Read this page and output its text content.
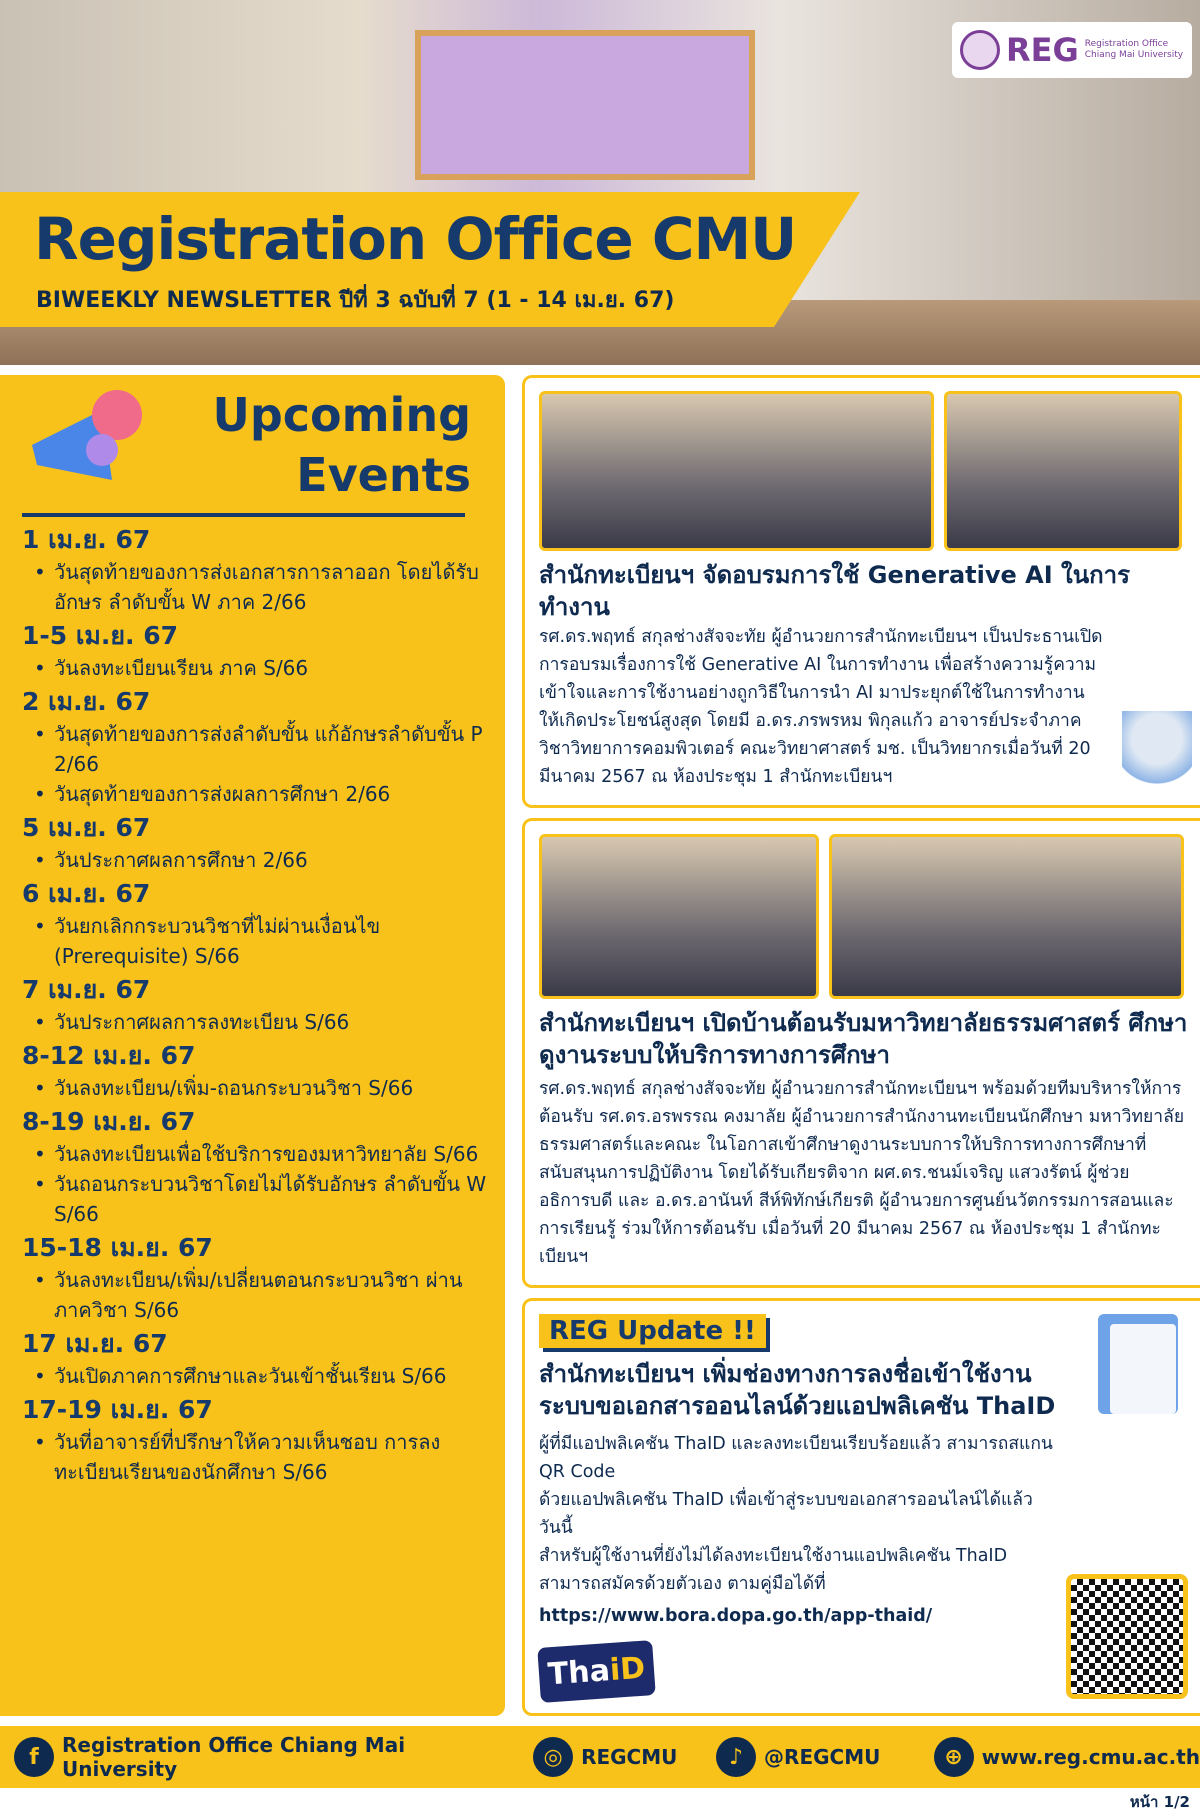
REG Registration Office
Chiang Mai University
Registration Office CMU
BIWEEKLY NEWSLETTER ปีที่ 3 ฉบับที่ 7 (1 - 14 เม.ย. 67)
Upcoming
Events
1 เม.ย. 67
• วันสุดท้ายของการส่งเอกสารการลาออก โดยได้รับอักษร ลำดับขั้น W ภาค 2/66
1-5 เม.ย. 67
• วันลงทะเบียนเรียน ภาค S/66
2 เม.ย. 67
• วันสุดท้ายของการส่งลำดับขั้น แก้อักษรลำดับขั้น P 2/66
• วันสุดท้ายของการส่งผลการศึกษา 2/66
5 เม.ย. 67
• วันประกาศผลการศึกษา 2/66
6 เม.ย. 67
• วันยกเลิกกระบวนวิชาที่ไม่ผ่านเงื่อนไข (Prerequisite) S/66
7 เม.ย. 67
• วันประกาศผลการลงทะเบียน S/66
8-12 เม.ย. 67
• วันลงทะเบียน/เพิ่ม-ถอนกระบวนวิชา S/66
8-19 เม.ย. 67
• วันลงทะเบียนเพื่อใช้บริการของมหาวิทยาลัย S/66
• วันถอนกระบวนวิชาโดยไม่ได้รับอักษร ลำดับขั้น W S/66
15-18 เม.ย. 67
• วันลงทะเบียน/เพิ่ม/เปลี่ยนตอนกระบวนวิชา ผ่านภาควิชา S/66
17 เม.ย. 67
• วันเปิดภาคการศึกษาและวันเข้าชั้นเรียน S/66
17-19 เม.ย. 67
• วันที่อาจารย์ที่ปรึกษาให้ความเห็นชอบ การลงทะเบียนเรียนของนักศึกษา S/66
สำนักทะเบียนฯ จัดอบรมการใช้ Generative AI ในการทำงาน
รศ.ดร.พฤทธ์ สกุลช่างสัจจะทัย ผู้อำนวยการสำนักทะเบียนฯ เป็นประธานเปิดการอบรมเรื่องการใช้ Generative AI ในการทำงาน เพื่อสร้างความรู้ความเข้าใจและการใช้งานอย่างถูกวิธีในการนำ AI มาประยุกต์ใช้ในการทำงานให้เกิดประโยชน์สูงสุด โดยมี อ.ดร.ภรพรหม พิกุลแก้ว อาจารย์ประจำภาควิชาวิทยาการคอมพิวเตอร์ คณะวิทยาศาสตร์ มช. เป็นวิทยากรเมื่อวันที่ 20 มีนาคม 2567 ณ ห้องประชุม 1 สำนักทะเบียนฯ
สำนักทะเบียนฯ เปิดบ้านต้อนรับมหาวิทยาลัยธรรมศาสตร์ ศึกษาดูงานระบบให้บริการทางการศึกษา
รศ.ดร.พฤทธ์ สกุลช่างสัจจะทัย ผู้อำนวยการสำนักทะเบียนฯ พร้อมด้วยทีมบริหารให้การต้อนรับ รศ.ดร.อรพรรณ คงมาลัย ผู้อำนวยการสำนักงานทะเบียนนักศึกษา มหาวิทยาลัยธรรมศาสตร์และคณะ ในโอกาสเข้าศึกษาดูงานระบบการให้บริการทางการศึกษาที่สนับสนุนการปฏิบัติงาน โดยได้รับเกียรติจาก ผศ.ดร.ชนม์เจริญ แสวงรัตน์ ผู้ช่วยอธิการบดี และ อ.ดร.อานันท์ สีห์พิทักษ์เกียรติ ผู้อำนวยการศูนย์นวัตกรรมการสอนและการเรียนรู้ ร่วมให้การต้อนรับ เมื่อวันที่ 20 มีนาคม 2567 ณ ห้องประชุม 1 สำนักทะเบียนฯ
REG Update !!
สำนักทะเบียนฯ เพิ่มช่องทางการลงชื่อเข้าใช้งาน ระบบขอเอกสารออนไลน์ด้วยแอปพลิเคชัน ThaID
ผู้ที่มีแอปพลิเคชัน ThaID และลงทะเบียนเรียบร้อยแล้ว สามารถสแกน QR Code
ด้วยแอปพลิเคชัน ThaID เพื่อเข้าสู่ระบบขอเอกสารออนไลน์ได้แล้ววันนี้
สำหรับผู้ใช้งานที่ยังไม่ได้ลงทะเบียนใช้งานแอปพลิเคชัน ThaID
สามารถสมัครด้วยตัวเอง ตามคู่มือได้ที่
https://www.bora.dopa.go.th/app-thaid/
Tha
iD
f	Registration Office Chiang Mai University	◎ REGCMU	♪	@REGCMU	⊕ www.reg.cmu.ac.th
หน้า 1/2
